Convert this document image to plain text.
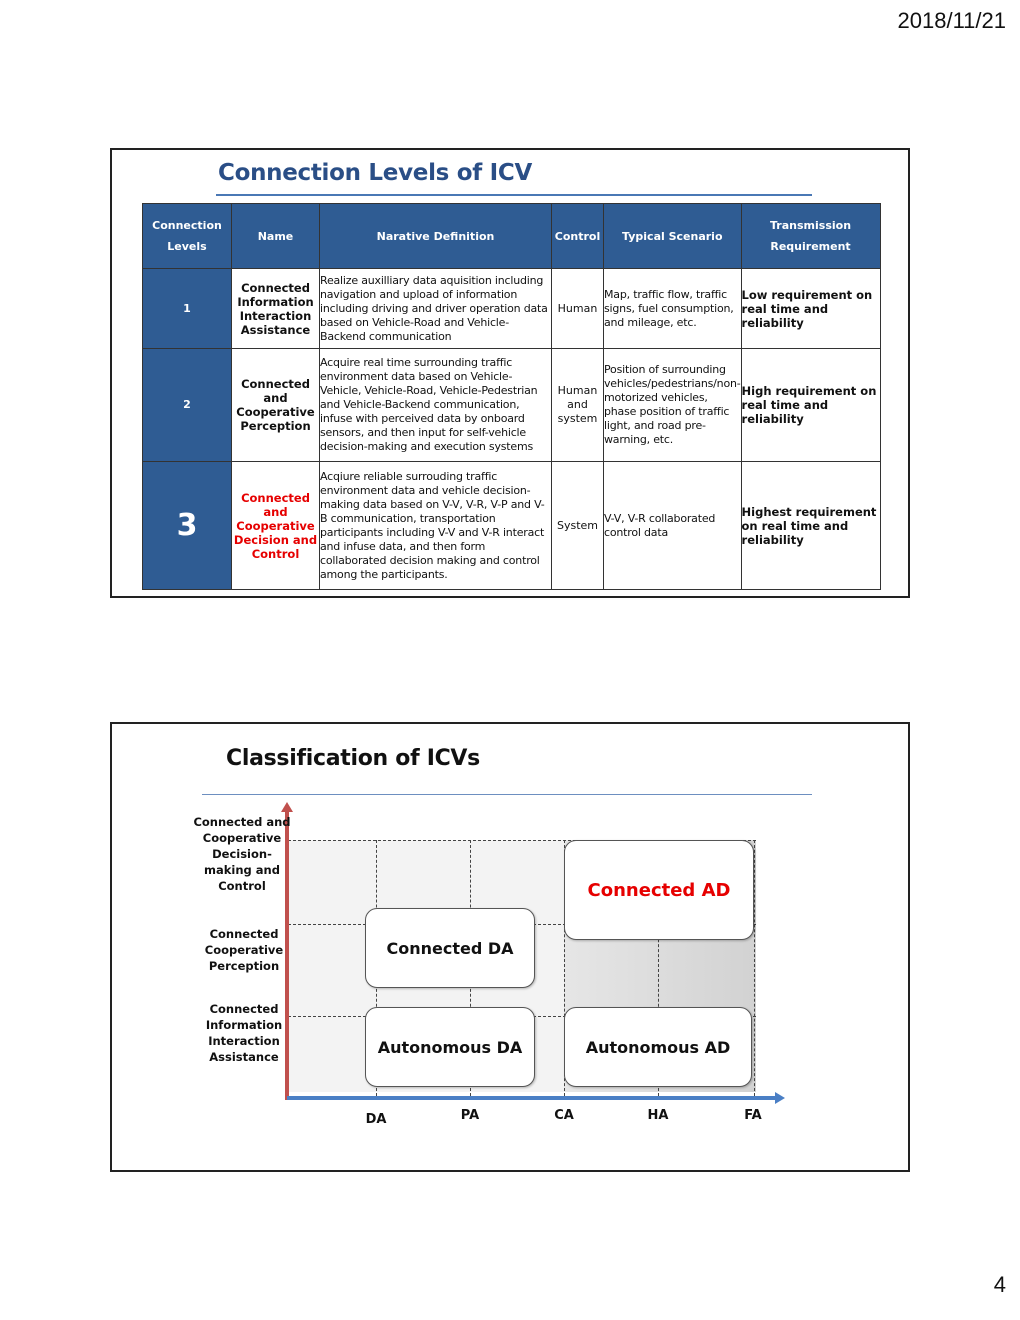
2018/11/21
Connection Levels of ICV
Connection Levels	Name	Narative Definition	Control	Typical Scenario	Transmission Requirement
1	Connected Information Interaction Assistance	Realize auxilliary data aquisition including navigation and upload of information including driving and driver operation data based on Vehicle-Road and Vehicle-Backend communication	Human	Map, traffic flow, traffic signs, fuel consumption, and mileage, etc.	Low requirement on real time and reliability
2	Connected and Cooperative Perception	Acquire real time surrounding traffic environment data based on Vehicle-Vehicle, Vehicle-Road, Vehicle-Pedestrian and Vehicle-Backend communication, infuse with perceived data by onboard sensors, and then input for self-vehicle decision-making and execution systems	Human and system	Position of surrounding vehicles/pedestrians/non-motorized vehicles, phase position of traffic light, and road pre-warning, etc.	High requirement on real time and reliability
3	Connected and Cooperative Decision and Control	Acqiure reliable surrouding traffic environment data and vehicle decision-making data based on V-V, V-R, V-P and V-B communication, transportation participants including V-V and V-R interact and infuse data, and then form collaborated decision making and control among the participants.	System	V-V, V-R collaborated control data	Highest requirement on real time and reliability
Classification of ICVs
Connected and Cooperative Decision-making and Control
Connected Cooperative Perception
Connected Information Interaction Assistance
DA	PA	CA	HA	FA
Connected AD
Connected DA
Autonomous DA	Autonomous AD
4
